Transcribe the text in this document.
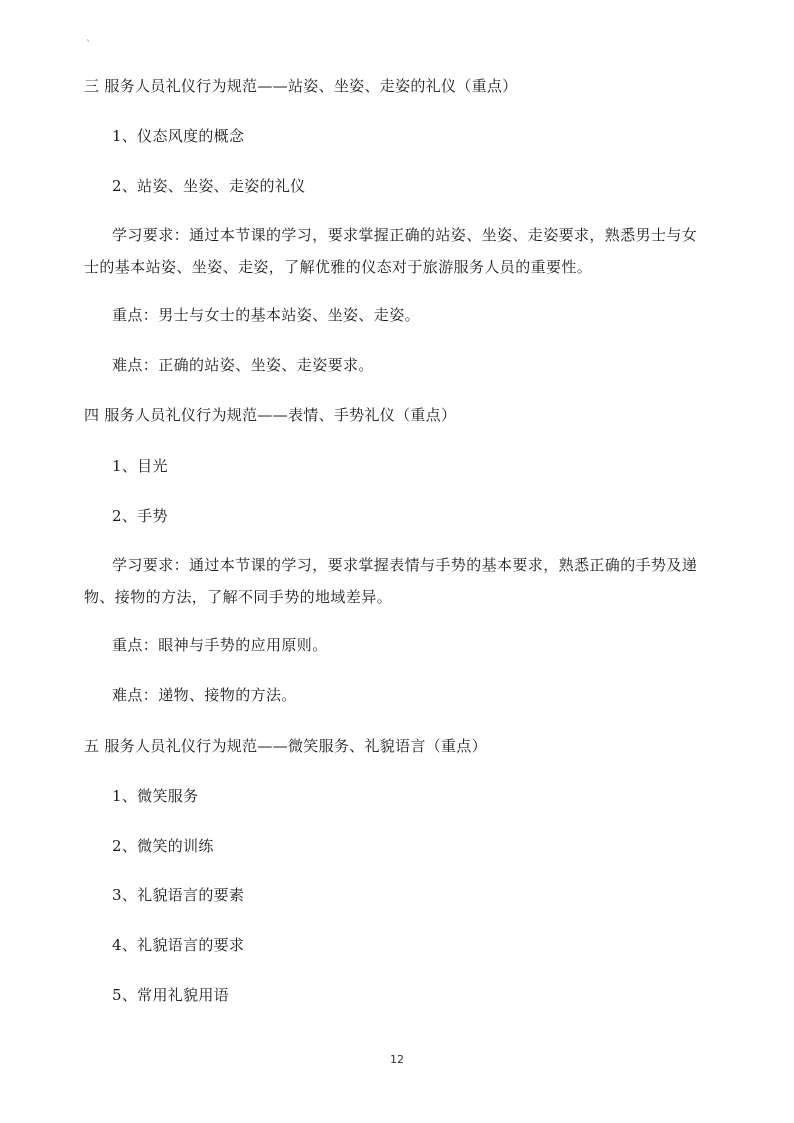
`
三 服务人员礼仪行为规范——站姿、坐姿、走姿的礼仪（重点）
1、仪态风度的概念
2、站姿、坐姿、走姿的礼仪
学习要求：通过本节课的学习，要求掌握正确的站姿、坐姿、走姿要求，熟悉男士与女
士的基本站姿、坐姿、走姿，了解优雅的仪态对于旅游服务人员的重要性。
重点：男士与女士的基本站姿、坐姿、走姿。
难点：正确的站姿、坐姿、走姿要求。
四 服务人员礼仪行为规范——表情、手势礼仪（重点）
1、目光
2、手势
学习要求：通过本节课的学习，要求掌握表情与手势的基本要求，熟悉正确的手势及递
物、接物的方法，了解不同手势的地域差异。
重点：眼神与手势的应用原则。
难点：递物、接物的方法。
五 服务人员礼仪行为规范——微笑服务、礼貌语言（重点）
1、微笑服务
2、微笑的训练
3、礼貌语言的要素
4、礼貌语言的要求
5、常用礼貌用语
12
